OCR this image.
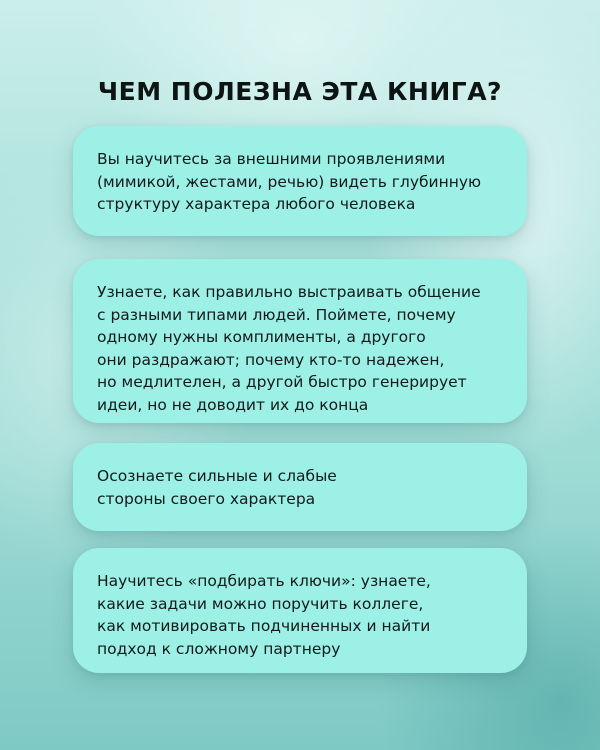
ЧЕМ ПОЛЕЗНА ЭТА КНИГА?

Вы научитесь за внешними проявлениями
(мимикой, жестами, речью) видеть глубинную
структуру характера любого человека

Узнаете, как правильно выстраивать общение
с разными типами людей. Поймете, почему
одному нужны комплименты, а другого
они раздражают; почему кто-то надежен,
но медлителен, а другой быстро генерирует
идеи, но не доводит их до конца

Осознаете сильные и слабые
стороны своего характера

Научитесь «подбирать ключи»: узнаете,
какие задачи можно поручить коллеге,
как мотивировать подчиненных и найти
подход к сложному партнеру
